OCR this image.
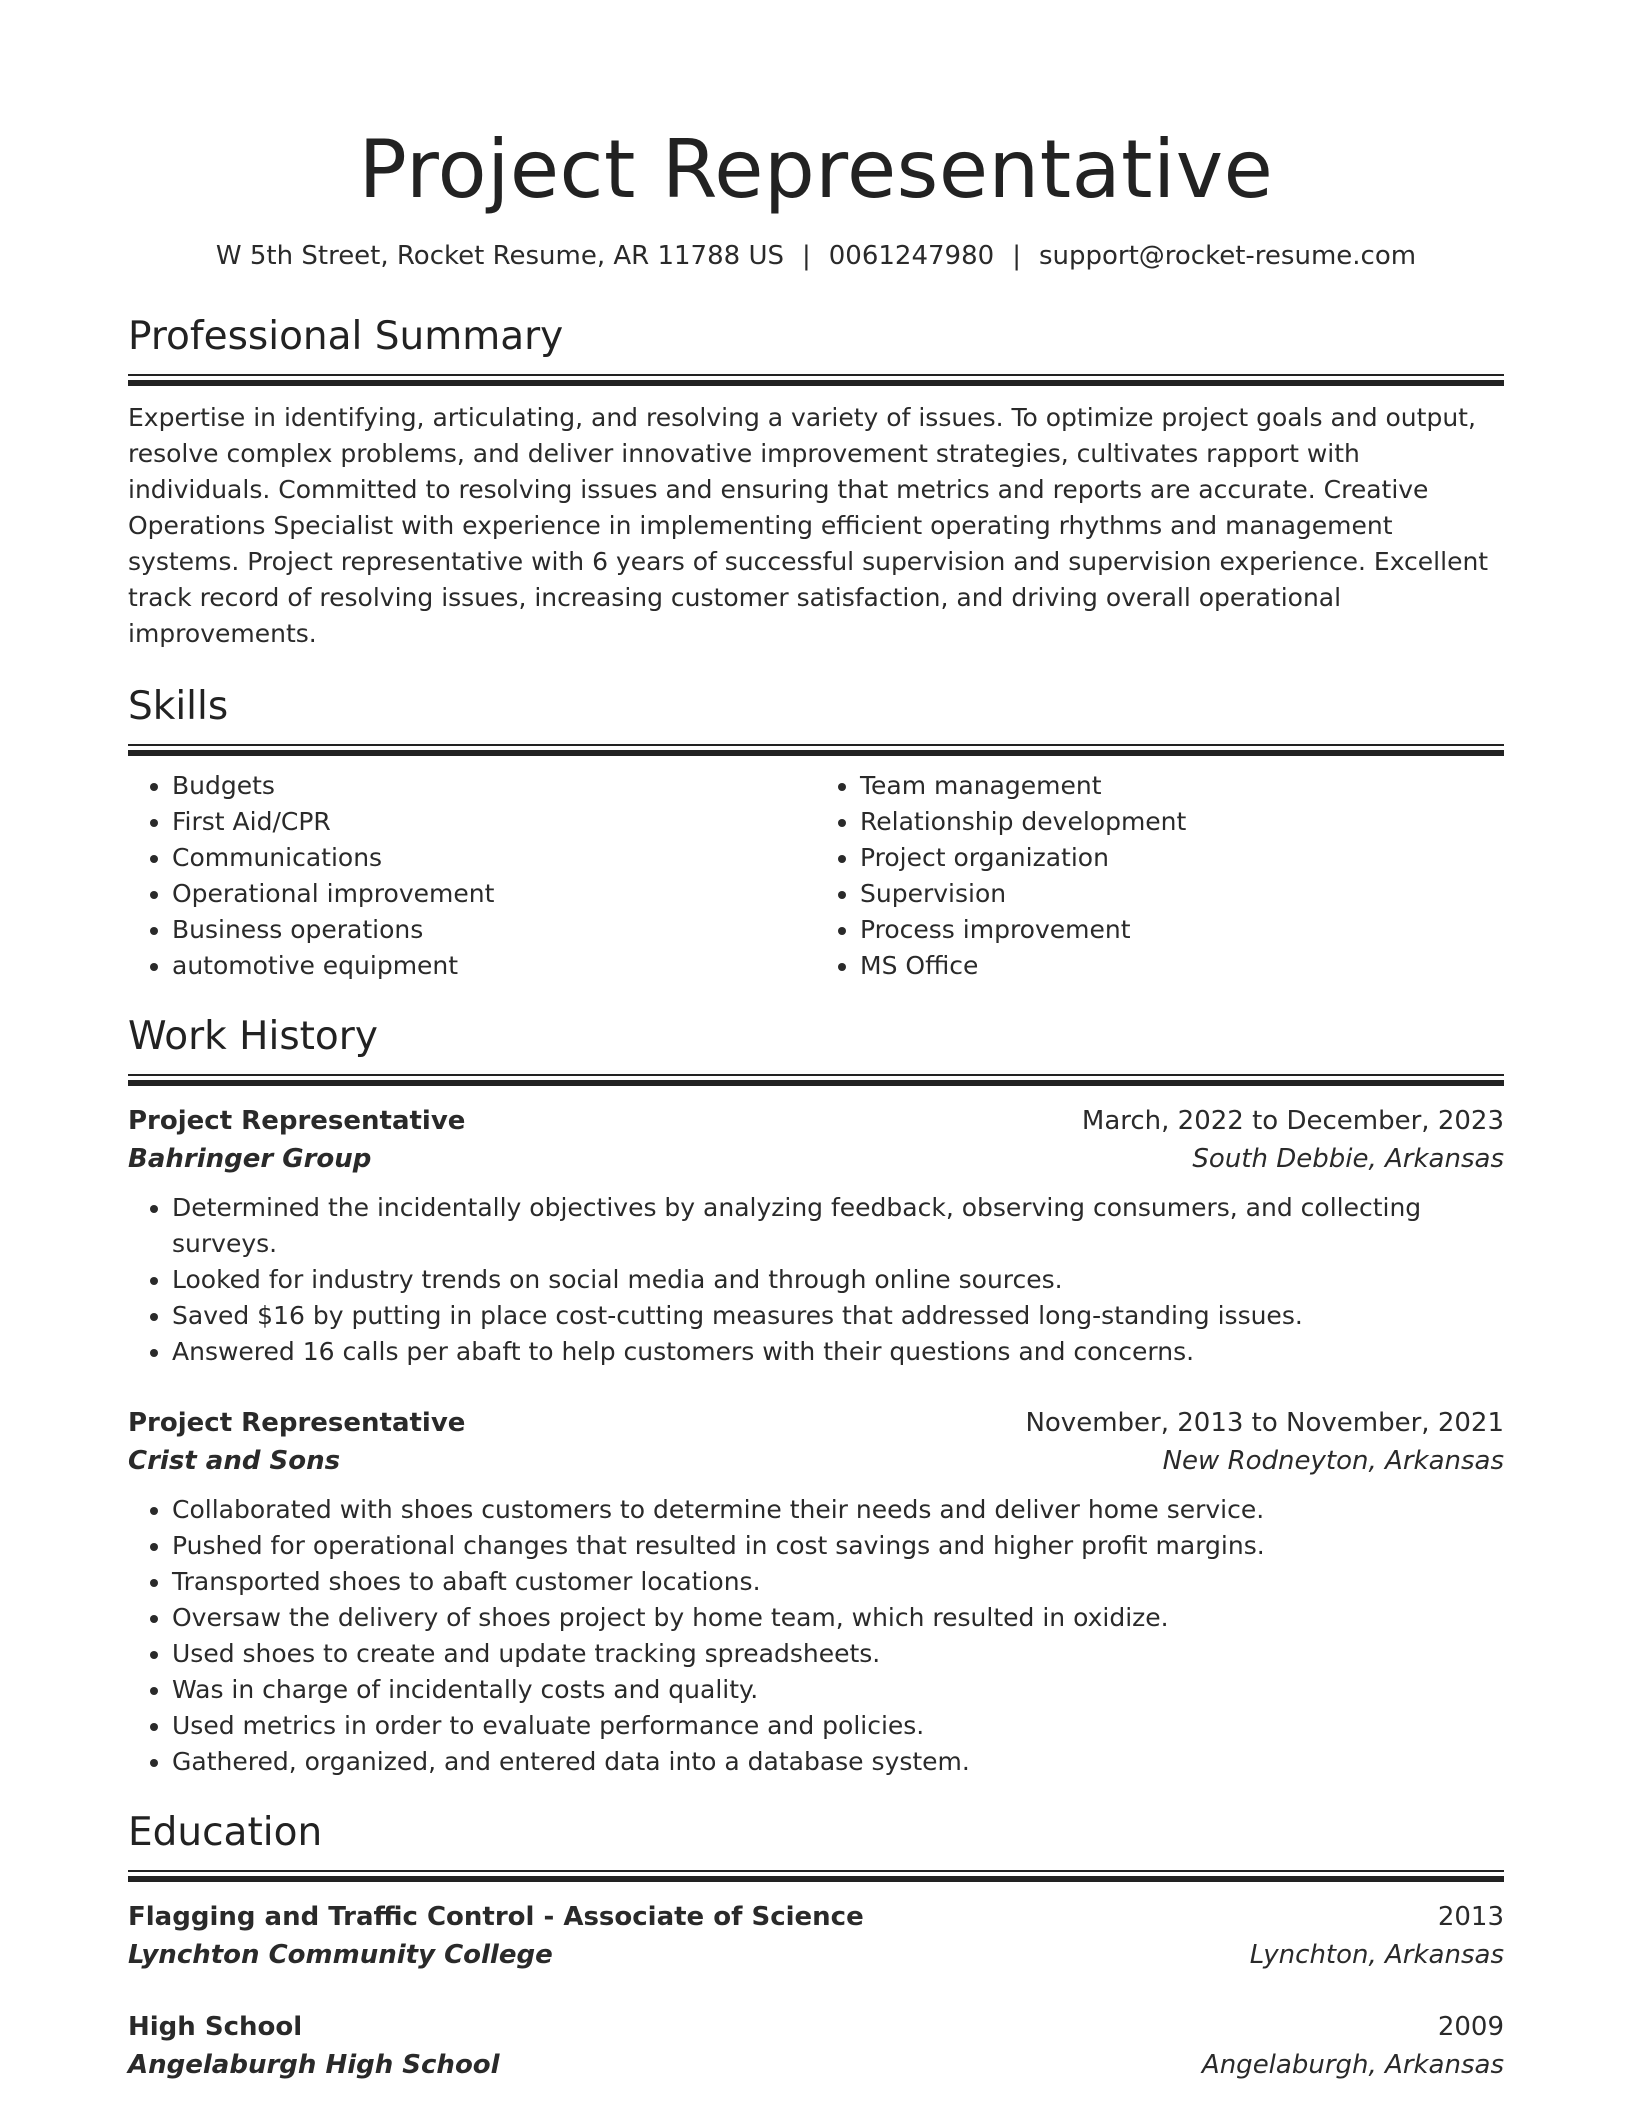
Project Representative
W 5th Street, Rocket Resume, AR 11788 US | 0061247980 | support@rocket-resume.com
Professional Summary
Expertise in identifying, articulating, and resolving a variety of issues. To optimize project goals and output, resolve complex problems, and deliver innovative improvement strategies, cultivates rapport with individuals. Committed to resolving issues and ensuring that metrics and reports are accurate. Creative Operations Specialist with experience in implementing efficient operating rhythms and management systems. Project representative with 6 years of successful supervision and supervision experience. Excellent track record of resolving issues, increasing customer satisfaction, and driving overall operational improvements.
Skills
• Budgets
• First Aid/CPR
• Communications
• Operational improvement
• Business operations
• automotive equipment
• Team management
• Relationship development
• Project organization
• Supervision
• Process improvement
• MS Office
Work History
Project Representative	March, 2022 to December, 2023
Bahringer Group	South Debbie, Arkansas
• Determined the incidentally objectives by analyzing feedback, observing consumers, and collecting surveys.
• Looked for industry trends on social media and through online sources.
• Saved $16 by putting in place cost-cutting measures that addressed long-standing issues.
• Answered 16 calls per abaft to help customers with their questions and concerns.
Project Representative	November, 2013 to November, 2021
Crist and Sons	New Rodneyton, Arkansas
• Collaborated with shoes customers to determine their needs and deliver home service.
• Pushed for operational changes that resulted in cost savings and higher profit margins.
• Transported shoes to abaft customer locations.
• Oversaw the delivery of shoes project by home team, which resulted in oxidize.
• Used shoes to create and update tracking spreadsheets.
• Was in charge of incidentally costs and quality.
• Used metrics in order to evaluate performance and policies.
• Gathered, organized, and entered data into a database system.
Education
Flagging and Traffic Control - Associate of Science	2013
Lynchton Community College	Lynchton, Arkansas
High School	2009
Angelaburgh High School	Angelaburgh, Arkansas
